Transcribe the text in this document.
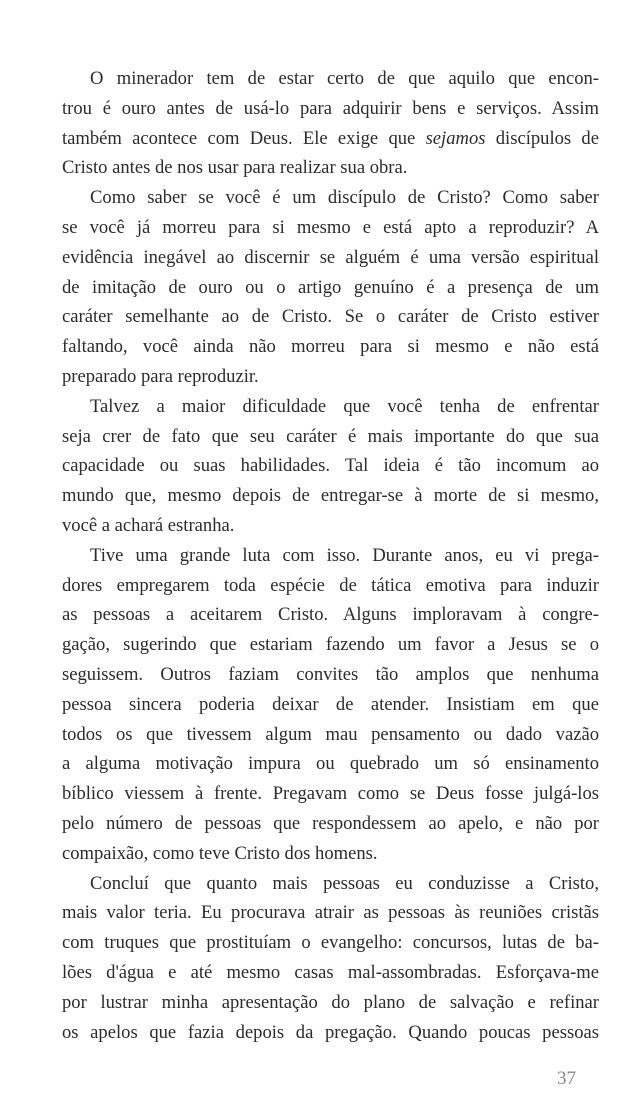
O minerador tem de estar certo de que aquilo que encon-
trou é ouro antes de usá-lo para adquirir bens e serviços. Assim
também acontece com Deus. Ele exige que sejamos discípulos de
Cristo antes de nos usar para realizar sua obra.
Como saber se você é um discípulo de Cristo? Como saber
se você já morreu para si mesmo e está apto a reproduzir? A
evidência inegável ao discernir se alguém é uma versão espiritual
de imitação de ouro ou o artigo genuíno é a presença de um
caráter semelhante ao de Cristo. Se o caráter de Cristo estiver
faltando, você ainda não morreu para si mesmo e não está
preparado para reproduzir.
Talvez a maior dificuldade que você tenha de enfrentar
seja crer de fato que seu caráter é mais importante do que sua
capacidade ou suas habilidades. Tal ideia é tão incomum ao
mundo que, mesmo depois de entregar-se à morte de si mesmo,
você a achará estranha.
Tive uma grande luta com isso. Durante anos, eu vi prega-
dores empregarem toda espécie de tática emotiva para induzir
as pessoas a aceitarem Cristo. Alguns imploravam à congre-
gação, sugerindo que estariam fazendo um favor a Jesus se o
seguissem. Outros faziam convites tão amplos que nenhuma
pessoa sincera poderia deixar de atender. Insistiam em que
todos os que tivessem algum mau pensamento ou dado vazão
a alguma motivação impura ou quebrado um só ensinamento
bíblico viessem à frente. Pregavam como se Deus fosse julgá-los
pelo número de pessoas que respondessem ao apelo, e não por
compaixão, como teve Cristo dos homens.
Concluí que quanto mais pessoas eu conduzisse a Cristo,
mais valor teria. Eu procurava atrair as pessoas às reuniões cristãs
com truques que prostituíam o evangelho: concursos, lutas de ba-
lões d'água e até mesmo casas mal-assombradas. Esforçava-me
por lustrar minha apresentação do plano de salvação e refinar
os apelos que fazia depois da pregação. Quando poucas pessoas
37
